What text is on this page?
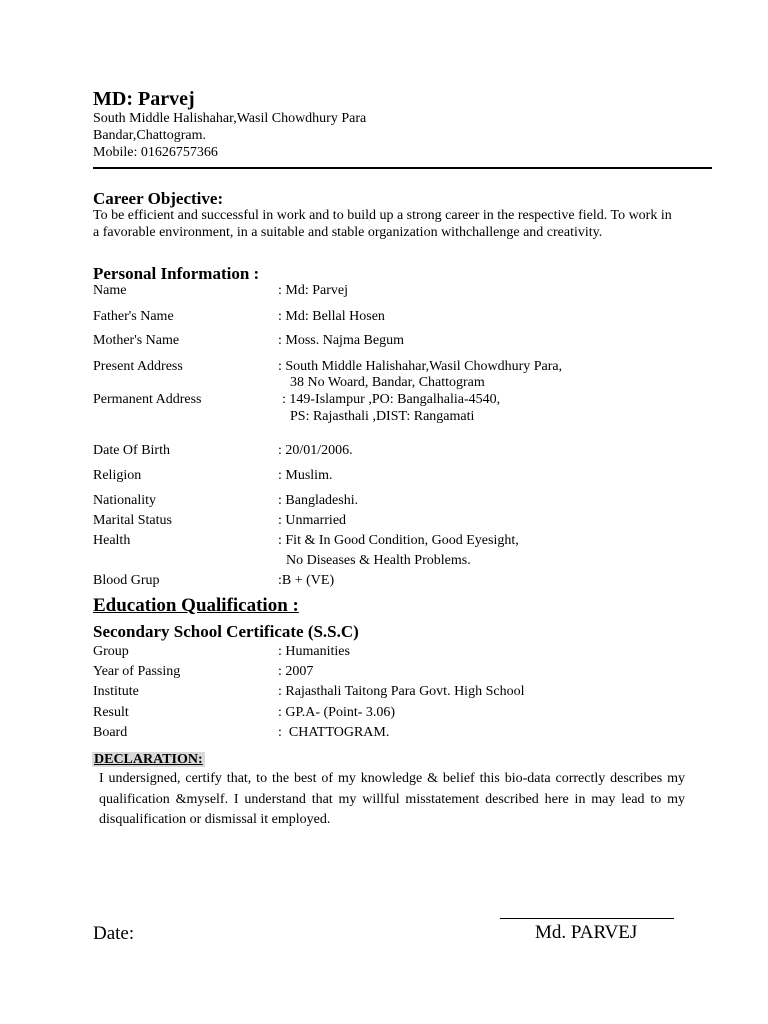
MD: Parvej
South Middle Halishahar,Wasil Chowdhury Para
Bandar,Chattogram.
Mobile: 01626757366
Career Objective:
To be efficient and successful in work and to build up a strong career in the respective field. To work in a favorable environment, in a suitable and stable organization withchallenge and creativity.
Personal Information :
Name	: Md: Parvej
Father's Name	: Md: Bellal Hosen
Mother's Name	: Moss. Najma Begum
Present Address	: South Middle Halishahar,Wasil Chowdhury Para,
38 No Woard, Bandar, Chattogram
Permanent Address	: 149-Islampur ,PO: Bangalhalia-4540,
PS: Rajasthali ,DIST: Rangamati
Date Of Birth	: 20/01/2006.
Religion	: Muslim.
Nationality	: Bangladeshi.
Marital Status	: Unmarried
Health	: Fit & In Good Condition, Good Eyesight,
No Diseases & Health Problems.
Blood Grup	:B + (VE)
Education Qualification :
Secondary School Certificate (S.S.C)
Group	: Humanities
Year of Passing	: 2007
Institute	: Rajasthali Taitong Para Govt. High School
Result	: GP.A- (Point- 3.06)
Board	:  CHATTOGRAM.
DECLARATION:
I undersigned, certify that, to the best of my knowledge & belief this bio-data correctly describes my qualification &myself. I understand that my willful misstatement described here in may lead to my disqualification or dismissal it employed.
Date:	Md. PARVEJ
